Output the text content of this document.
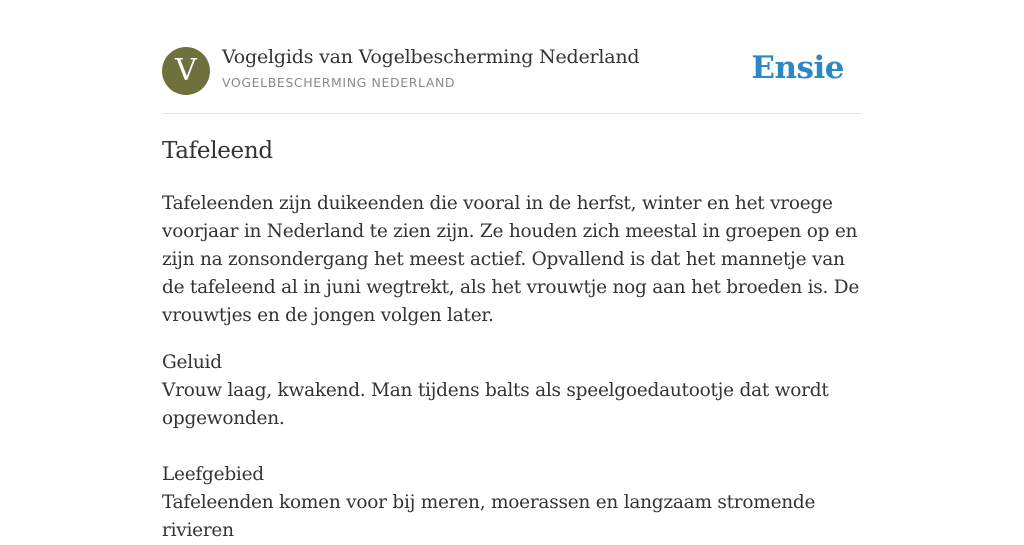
V	Vogelgids van Vogelbescherming Nederland
VOGELBESCHERMING NEDERLAND	Ensie
Tafeleend

Tafeleenden zijn duikeenden die vooral in de herfst, winter en het vroege voorjaar in Nederland te zien zijn. Ze houden zich meestal in groepen op en zijn na zonsondergang het meest actief. Opvallend is dat het mannetje van de tafeleend al in juni wegtrekt, als het vrouwtje nog aan het broeden is. De vrouwtjes en de jongen volgen later.

Geluid
Vrouw laag, kwakend. Man tijdens balts als speelgoedautootje dat wordt opgewonden.
Leefgebied
Tafeleenden komen voor bij meren, moerassen en langzaam stromende rivieren
